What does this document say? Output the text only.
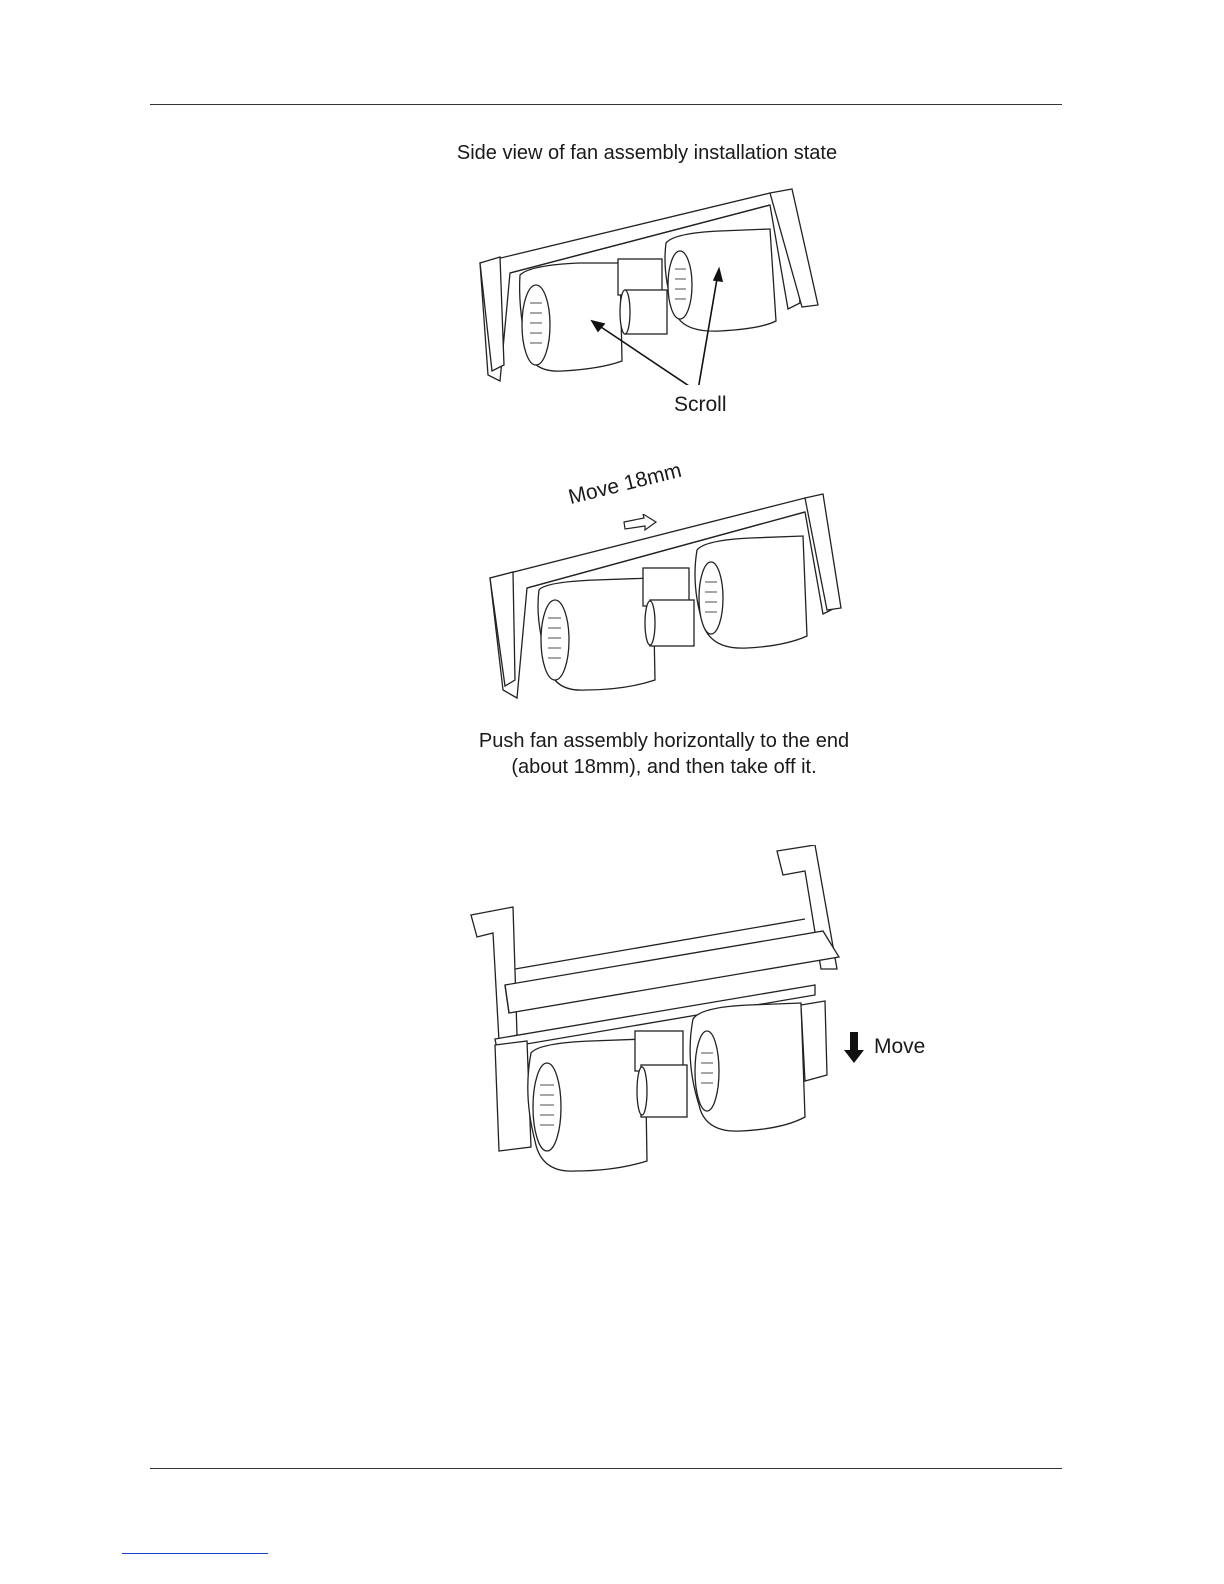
Side view of fan assembly installation state
Scroll
Move 18mm
Push fan assembly horizontally to the end
(about 18mm), and then take off it.
Move
